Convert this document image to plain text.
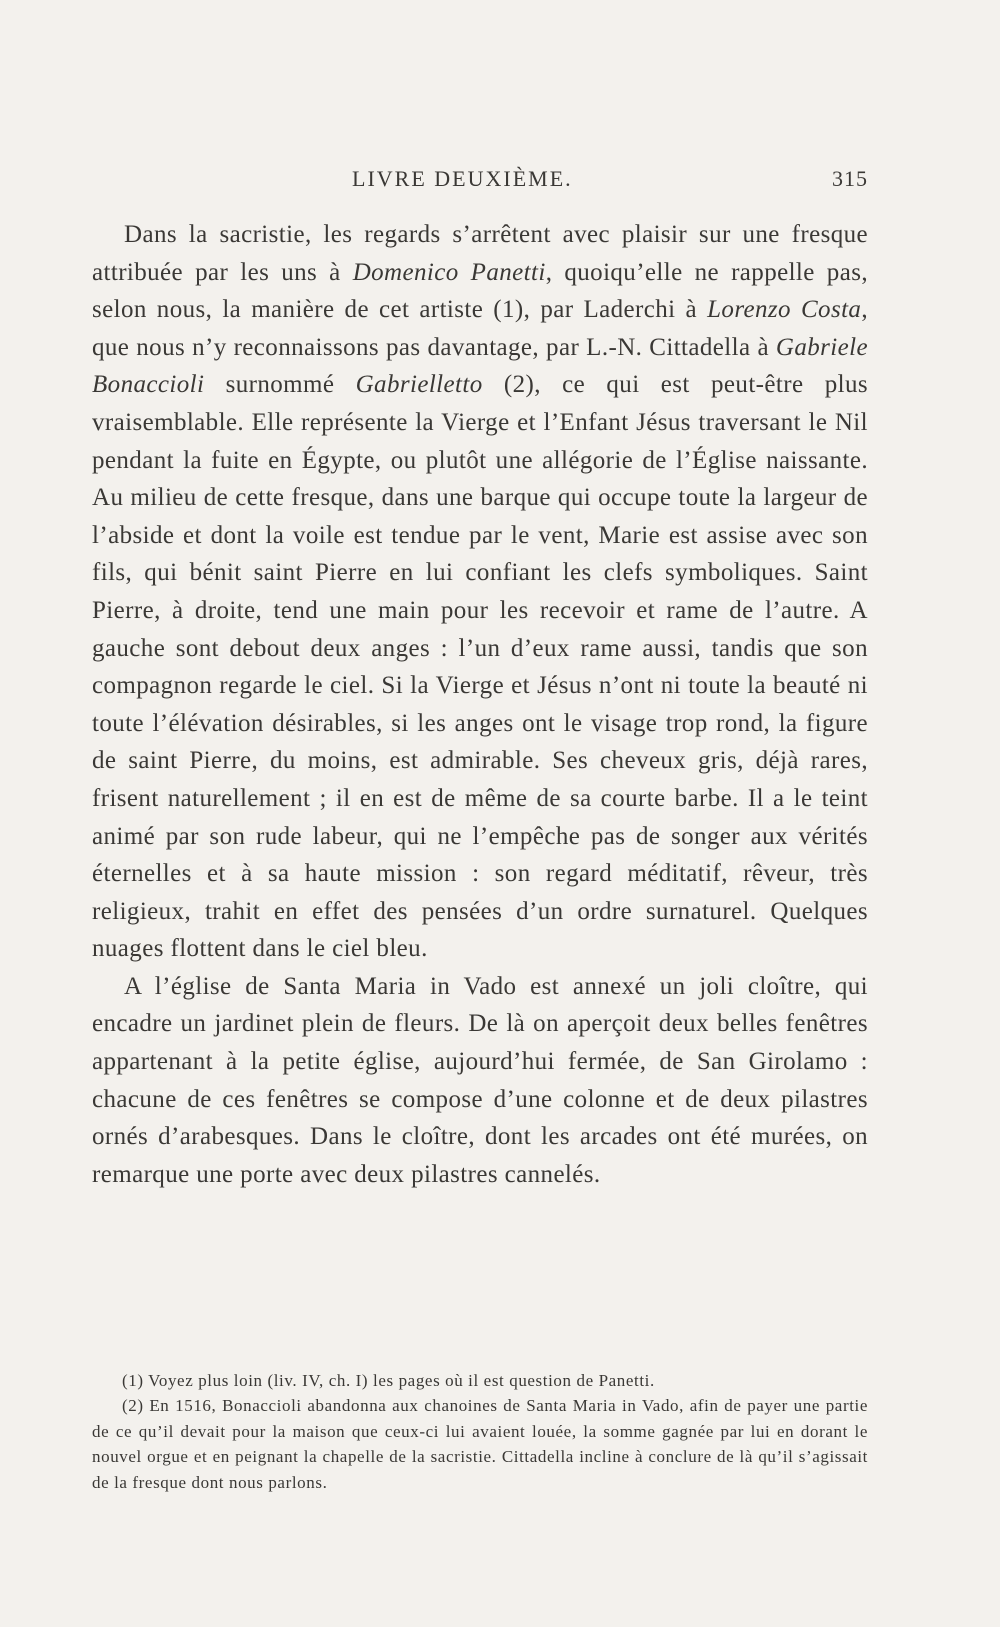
LIVRE DEUXIÈME.	315

Dans la sacristie, les regards s’arrêtent avec plaisir sur une fresque attribuée par les uns à Domenico Panetti, quoiqu’elle ne rappelle pas, selon nous, la manière de cet artiste (1), par Laderchi à Lorenzo Costa, que nous n’y reconnaissons pas davantage, par L.-N. Cittadella à Gabriele Bonaccioli surnommé Gabrielletto (2), ce qui est peut-être plus vraisemblable. Elle représente la Vierge et l’Enfant Jésus traversant le Nil pendant la fuite en Égypte, ou plutôt une allégorie de l’Église naissante. Au milieu de cette fresque, dans une barque qui occupe toute la largeur de l’abside et dont la voile est tendue par le vent, Marie est assise avec son fils, qui bénit saint Pierre en lui confiant les clefs symboliques. Saint Pierre, à droite, tend une main pour les recevoir et rame de l’autre. A gauche sont debout deux anges : l’un d’eux rame aussi, tandis que son compagnon regarde le ciel. Si la Vierge et Jésus n’ont ni toute la beauté ni toute l’élévation désirables, si les anges ont le visage trop rond, la figure de saint Pierre, du moins, est admirable. Ses cheveux gris, déjà rares, frisent naturellement ; il en est de même de sa courte barbe. Il a le teint animé par son rude labeur, qui ne l’empêche pas de songer aux vérités éternelles et à sa haute mission : son regard méditatif, rêveur, très religieux, trahit en effet des pensées d’un ordre surnaturel. Quelques nuages flottent dans le ciel bleu.

A l’église de Santa Maria in Vado est annexé un joli cloître, qui encadre un jardinet plein de fleurs. De là on aperçoit deux belles fenêtres appartenant à la petite église, aujourd’hui fermée, de San Girolamo : chacune de ces fenêtres se compose d’une colonne et de deux pilastres ornés d’arabesques. Dans le cloître, dont les arcades ont été murées, on remarque une porte avec deux pilastres cannelés.

(1) Voyez plus loin (liv. IV, ch. I) les pages où il est question de Panetti.

(2) En 1516, Bonaccioli abandonna aux chanoines de Santa Maria in Vado, afin de payer une partie de ce qu’il devait pour la maison que ceux-ci lui avaient louée, la somme gagnée par lui en dorant le nouvel orgue et en peignant la chapelle de la sacristie. Cittadella incline à conclure de là qu’il s’agissait de la fresque dont nous parlons.
